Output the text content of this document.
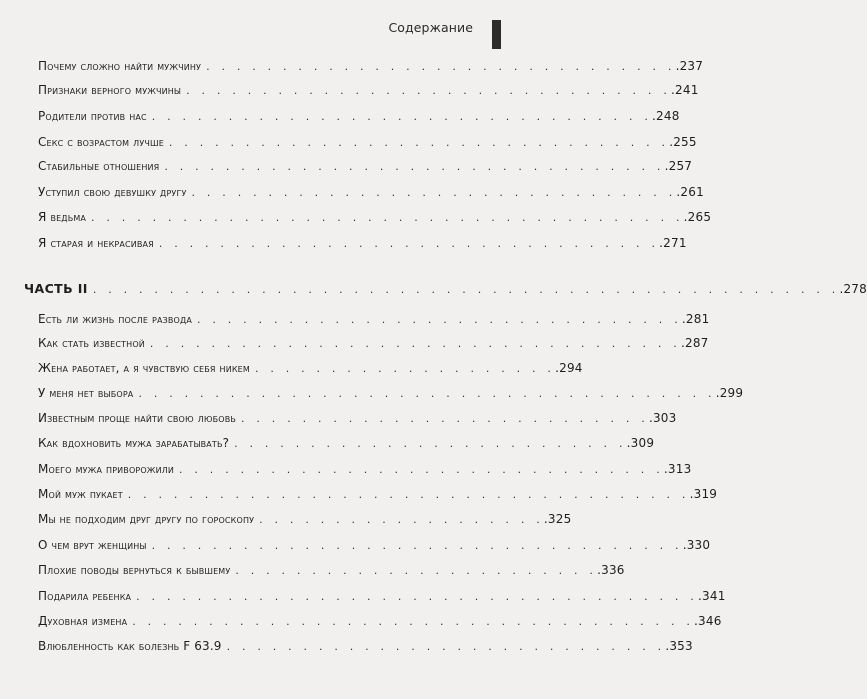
Содержание
Почему сложно найти мужчину . . . . . . . . . . . . . . . . . . . . . . . . . . . . . . . .237
Признаки верного мужчины . . . . . . . . . . . . . . . . . . . . . . . . . . . . . . . . .241
Родители против нас . . . . . . . . . . . . . . . . . . . . . . . . . . . . . . . . . .248
Секс с возрастом лучше . . . . . . . . . . . . . . . . . . . . . . . . . . . . . . . . . .255
Стабильные отношения . . . . . . . . . . . . . . . . . . . . . . . . . . . . . . . . . .257
Уступил свою девушку другу . . . . . . . . . . . . . . . . . . . . . . . . . . . . . . . . .261
Я ведьма . . . . . . . . . . . . . . . . . . . . . . . . . . . . . . . . . . . . . . . .265
Я старая и некрасивая . . . . . . . . . . . . . . . . . . . . . . . . . . . . . . . . . .271
ЧАСТЬ II . . . . . . . . . . . . . . . . . . . . . . . . . . . . . . . . . . . . . . . . . . . . . . . . . .278
Есть ли жизнь после развода . . . . . . . . . . . . . . . . . . . . . . . . . . . . . . . . .281
Как стать известной . . . . . . . . . . . . . . . . . . . . . . . . . . . . . . . . . . . .287
Жена работает, а я чувствую себя никем . . . . . . . . . . . . . . . . . . . . .294
У меня нет выбора . . . . . . . . . . . . . . . . . . . . . . . . . . . . . . . . . . . . . . .299
Известным проще найти свою любовь . . . . . . . . . . . . . . . . . . . . . . . . . . . .303
Как вдохновить мужа зарабатывать? . . . . . . . . . . . . . . . . . . . . . . . . . . .309
Моего мужа приворожили . . . . . . . . . . . . . . . . . . . . . . . . . . . . . . . . .313
Мой муж пукает . . . . . . . . . . . . . . . . . . . . . . . . . . . . . . . . . . . . . .319
Мы не подходим друг другу по гороскопу . . . . . . . . . . . . . . . . . . . .325
О чем врут женщины . . . . . . . . . . . . . . . . . . . . . . . . . . . . . . . . . . . .330
Плохие поводы вернуться к бывшему . . . . . . . . . . . . . . . . . . . . . . . . .336
Подарила ребенка . . . . . . . . . . . . . . . . . . . . . . . . . . . . . . . . . . . . . .341
Духовная измена . . . . . . . . . . . . . . . . . . . . . . . . . . . . . . . . . . . . . .346
Влюбленность как болезнь F 63.9 . . . . . . . . . . . . . . . . . . . . . . . . . . . . . .353
